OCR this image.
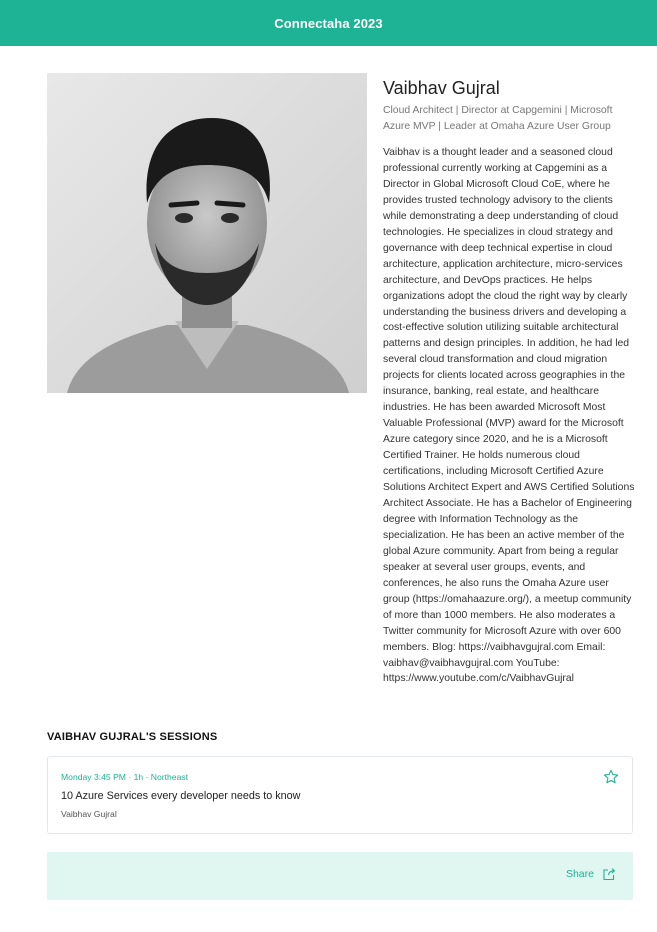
Connectaha 2023
Vaibhav Gujral

Cloud Architect | Director at Capgemini | Microsoft Azure MVP | Leader at Omaha Azure User Group

Vaibhav is a thought leader and a seasoned cloud professional currently working at Capgemini as a Director in Global Microsoft Cloud CoE, where he provides trusted technology advisory to the clients while demonstrating a deep understanding of cloud technologies. He specializes in cloud strategy and governance with deep technical expertise in cloud architecture, application architecture, micro-services architecture, and DevOps practices. He helps organizations adopt the cloud the right way by clearly understanding the business drivers and developing a cost-effective solution utilizing suitable architectural patterns and design principles. In addition, he had led several cloud transformation and cloud migration projects for clients located across geographies in the insurance, banking, real estate, and healthcare industries. He has been awarded Microsoft Most Valuable Professional (MVP) award for the Microsoft Azure category since 2020, and he is a Microsoft Certified Trainer. He holds numerous cloud certifications, including Microsoft Certified Azure Solutions Architect Expert and AWS Certified Solutions Architect Associate. He has a Bachelor of Engineering degree with Information Technology as the specialization. He has been an active member of the global Azure community. Apart from being a regular speaker at several user groups, events, and conferences, he also runs the Omaha Azure user group (https://omahaazure.org/), a meetup community of more than 1000 members. He also moderates a Twitter community for Microsoft Azure with over 600 members. Blog: https://vaibhavgujral.com Email: vaibhav@vaibhavgujral.com YouTube: https://www.youtube.com/c/VaibhavGujral

VAIBHAV GUJRAL'S SESSIONS
Monday 3:45 PM · 1h · Northeast
10 Azure Services every developer needs to know
Vaibhav Gujral
Share
